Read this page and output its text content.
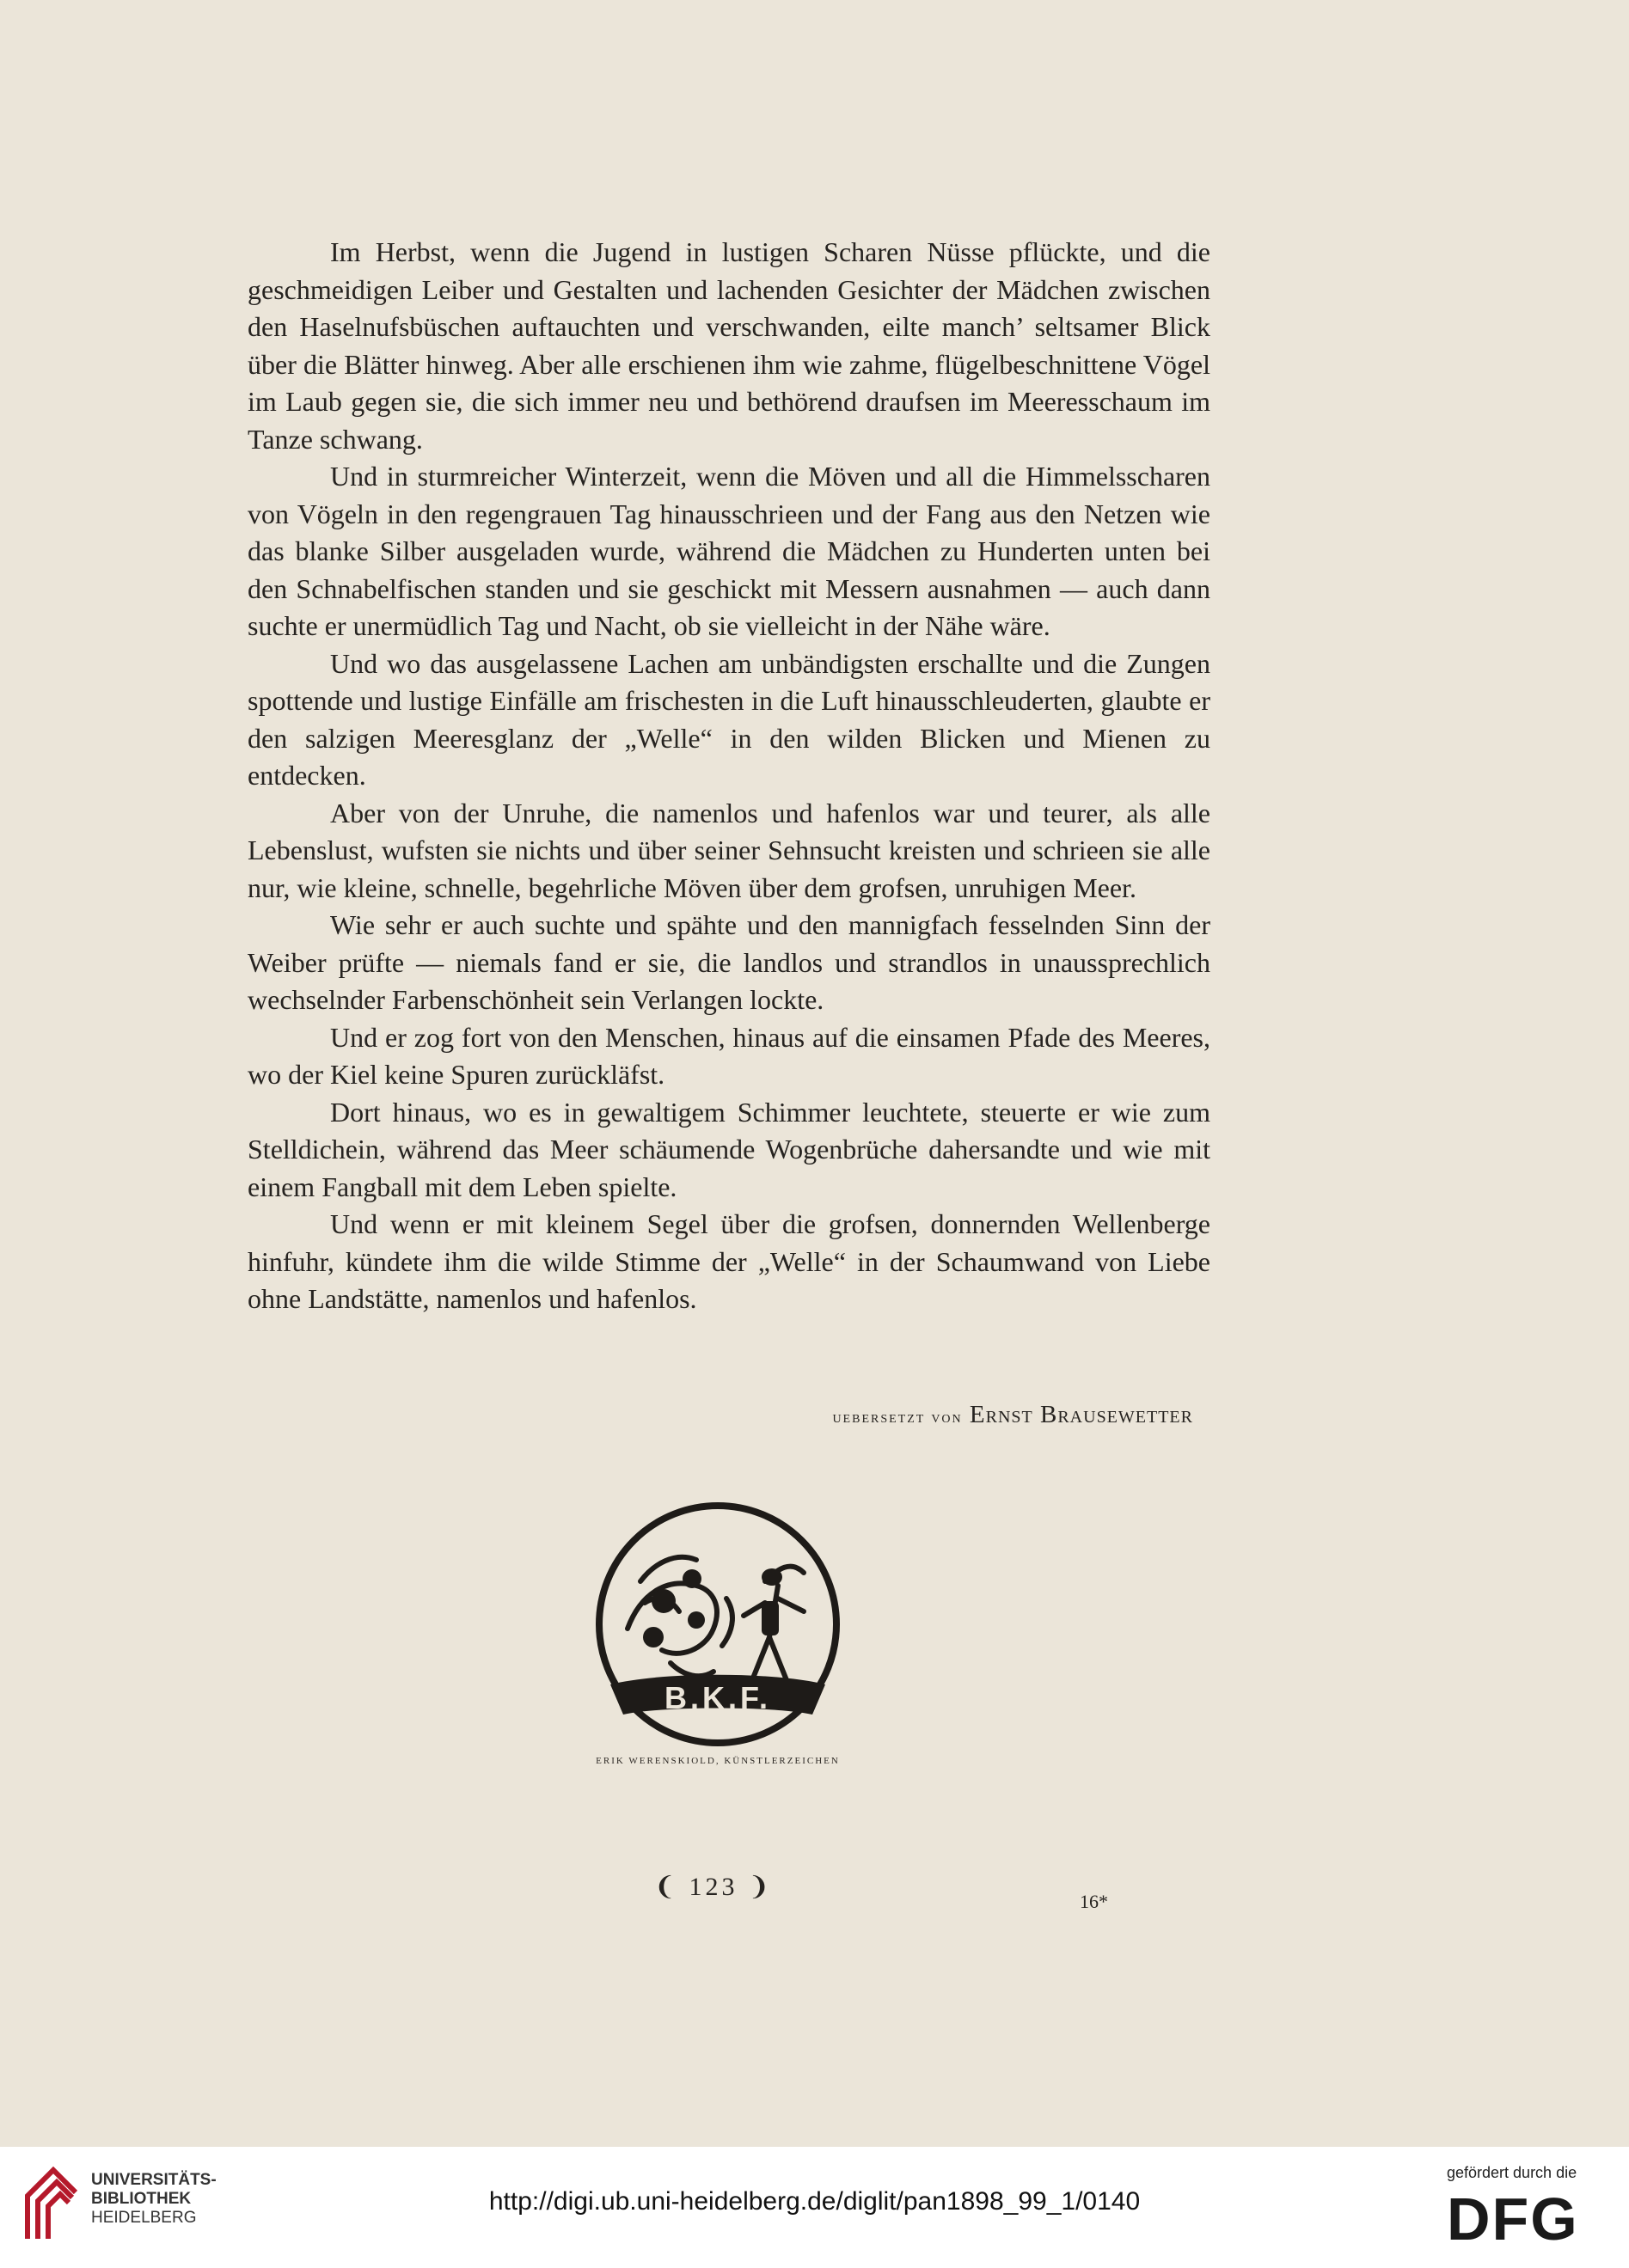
Im Herbst, wenn die Jugend in lustigen Scharen Nüsse pflückte, und die geschmeidigen Leiber und Gestalten und lachenden Gesichter der Mädchen zwischen den Haselnufsbüschen auftauchten und verschwanden, eilte manch’ seltsamer Blick über die Blätter hinweg. Aber alle erschienen ihm wie zahme, flügelbeschnittene Vögel im Laub gegen sie, die sich immer neu und bethörend draufsen im Meeresschaum im Tanze schwang.

Und in sturmreicher Winterzeit, wenn die Möven und all die Himmelsscharen von Vögeln in den regengrauen Tag hinausschrieen und der Fang aus den Netzen wie das blanke Silber ausgeladen wurde, während die Mädchen zu Hunderten unten bei den Schnabelfischen standen und sie geschickt mit Messern ausnahmen — auch dann suchte er unermüdlich Tag und Nacht, ob sie vielleicht in der Nähe wäre.

Und wo das ausgelassene Lachen am unbändigsten erschallte und die Zungen spottende und lustige Einfälle am frischesten in die Luft hinausschleuderten, glaubte er den salzigen Meeresglanz der „Welle“ in den wilden Blicken und Mienen zu entdecken.

Aber von der Unruhe, die namenlos und hafenlos war und teurer, als alle Lebenslust, wufsten sie nichts und über seiner Sehnsucht kreisten und schrieen sie alle nur, wie kleine, schnelle, begehrliche Möven über dem grofsen, unruhigen Meer.

Wie sehr er auch suchte und spähte und den mannigfach fesselnden Sinn der Weiber prüfte — niemals fand er sie, die landlos und strandlos in unaussprechlich wechselnder Farbenschönheit sein Verlangen lockte.

Und er zog fort von den Menschen, hinaus auf die einsamen Pfade des Meeres, wo der Kiel keine Spuren zurückläfst.

Dort hinaus, wo es in gewaltigem Schimmer leuchtete, steuerte er wie zum Stelldichein, während das Meer schäumende Wogenbrüche dahersandte und wie mit einem Fangball mit dem Leben spielte.

Und wenn er mit kleinem Segel über die grofsen, donnernden Wellenberge hinfuhr, kündete ihm die wilde Stimme der „Welle“ in der Schaumwand von Liebe ohne Landstätte, namenlos und hafenlos.

uebersetzt von Ernst Brausewetter
B.K.F.
ERIK WERENSKIOLD, KÜNSTLERZEICHEN
❨ 123 ❩
16*
UNIVERSITÄTS-
BIBLIOTHEK
HEIDELBERG
http://digi.ub.uni-heidelberg.de/diglit/pan1898_99_1/0140
gefördert durch die
DFG
